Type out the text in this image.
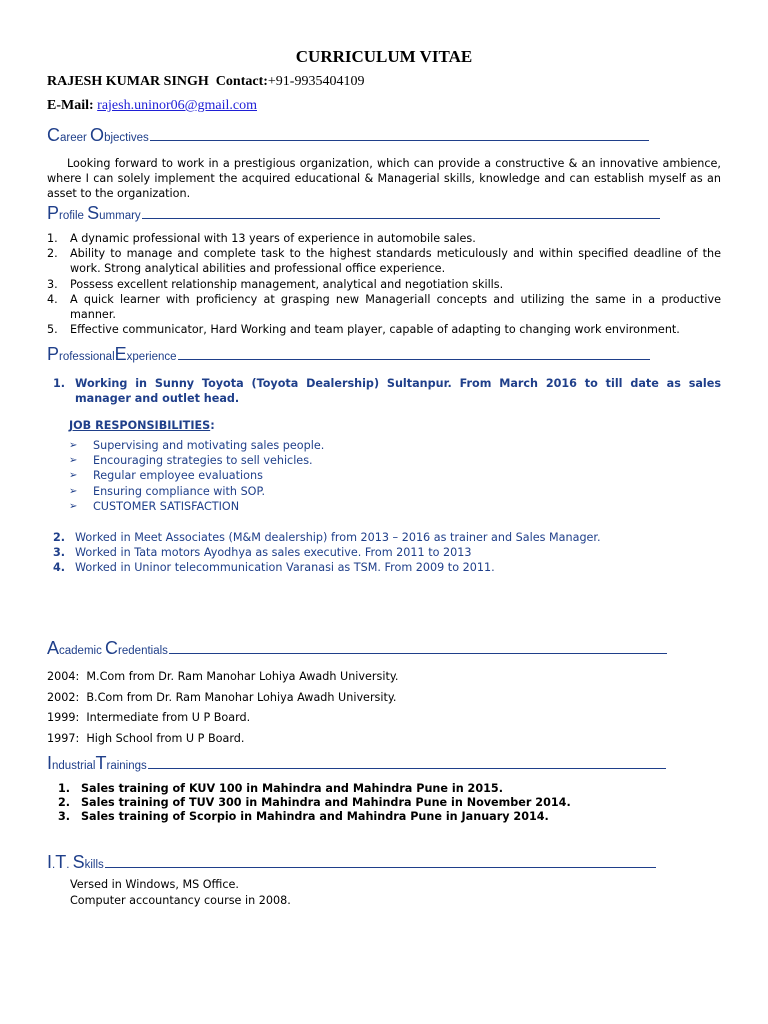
CURRICULUM VITAE
RAJESH KUMAR SINGH Contact:+91-9935404109
E-Mail: rajesh.uninor06@gmail.com
Career Objectives
Looking forward to work in a prestigious organization, which can provide a constructive & an innovative ambience, where I can solely implement the acquired educational & Managerial skills, knowledge and can establish myself as an asset to the organization.
Profile Summary
1. A dynamic professional with 13 years of experience in automobile sales.
2. Ability to manage and complete task to the highest standards meticulously and within specified deadline of the work. Strong analytical abilities and professional office experience.
3. Possess excellent relationship management, analytical and negotiation skills.
4. A quick learner with proficiency at grasping new Manageriall concepts and utilizing the same in a productive manner.
5. Effective communicator, Hard Working and team player, capable of adapting to changing work environment.
ProfessionalExperience
1. Working in Sunny Toyota (Toyota Dealership) Sultanpur. From March 2016 to till date as sales manager and outlet head.
JOB RESPONSIBILITIES:
➢ Supervising and motivating sales people.
➢ Encouraging strategies to sell vehicles.
➢ Regular employee evaluations
➢ Ensuring compliance with SOP.
➢ CUSTOMER SATISFACTION
2. Worked in Meet Associates (M&M dealership) from 2013 – 2016 as trainer and Sales Manager.
3. Worked in Tata motors Ayodhya as sales executive. From 2011 to 2013
4. Worked in Uninor telecommunication Varanasi as TSM. From 2009 to 2011.
Academic Credentials
2004: M.Com from Dr. Ram Manohar Lohiya Awadh University.
2002: B.Com from Dr. Ram Manohar Lohiya Awadh University.
1999: Intermediate from U P Board.
1997: High School from U P Board.
IndustrialTrainings
1. Sales training of KUV 100 in Mahindra and Mahindra Pune in 2015.
2. Sales training of TUV 300 in Mahindra and Mahindra Pune in November 2014.
3. Sales training of Scorpio in Mahindra and Mahindra Pune in January 2014.
I.T. Skills
Versed in Windows, MS Office.
Computer accountancy course in 2008.
